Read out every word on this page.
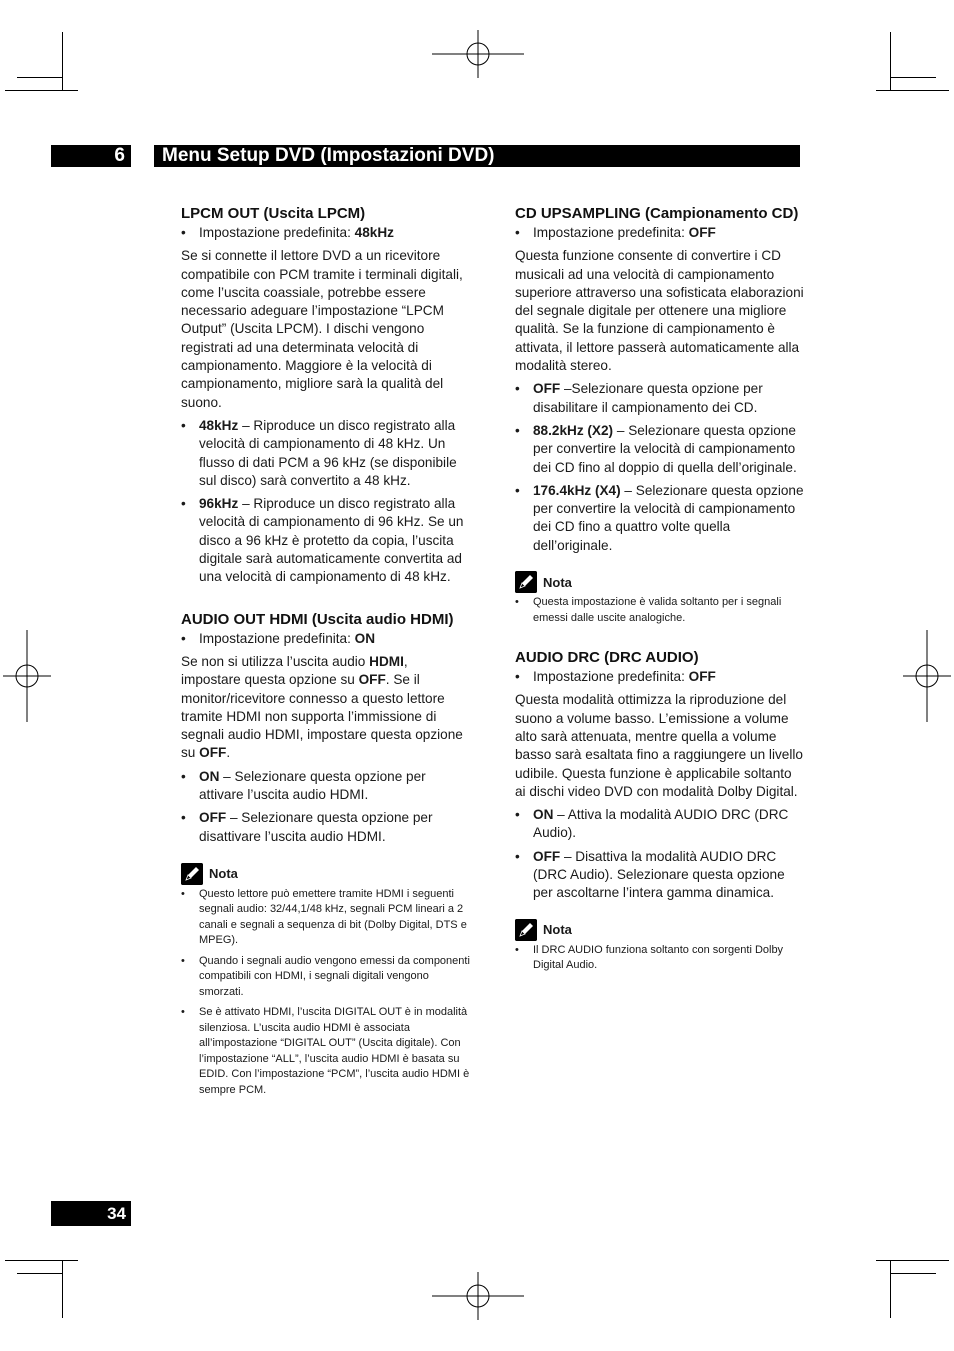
6	Menu Setup DVD (Impostazioni DVD)
LPCM OUT (Uscita LPCM)
• Impostazione predefinita: 48kHz

Se si connette il lettore DVD a un ricevitore compatibile con PCM tramite i terminali digitali, come l’uscita coassiale, potrebbe essere necessario adeguare l’impostazione “LPCM Output” (Uscita LPCM). I dischi vengono registrati ad una determinata velocità di campionamento. Maggiore è la velocità di campionamento, migliore sarà la qualità del suono.

• 48kHz – Riproduce un disco registrato alla velocità di campionamento di 48 kHz. Un flusso di dati PCM a 96 kHz (se disponibile sul disco) sarà convertito a 48 kHz.
• 96kHz – Riproduce un disco registrato alla velocità di campionamento di 96 kHz. Se un disco a 96 kHz è protetto da copia, l’uscita digitale sarà automaticamente convertita ad una velocità di campionamento di 48 kHz.
AUDIO OUT HDMI (Uscita audio HDMI)
• Impostazione predefinita: ON

Se non si utilizza l’uscita audio HDMI, impostare questa opzione su OFF. Se il monitor/ricevitore connesso a questo lettore tramite HDMI non supporta l’immissione di segnali audio HDMI, impostare questa opzione su OFF.

• ON – Selezionare questa opzione per attivare l’uscita audio HDMI.
• OFF – Selezionare questa opzione per disattivare l’uscita audio HDMI.
Nota
• Questo lettore può emettere tramite HDMI i seguenti segnali audio: 32/44,1/48 kHz, segnali PCM lineari a 2 canali e segnali a sequenza di bit (Dolby Digital, DTS e MPEG).
• Quando i segnali audio vengono emessi da componenti compatibili con HDMI, i segnali digitali vengono smorzati.
• Se è attivato HDMI, l’uscita DIGITAL OUT è in modalità silenziosa. L’uscita audio HDMI è associata all’impostazione “DIGITAL OUT” (Uscita digitale). Con l’impostazione “ALL”, l’uscita audio HDMI è basata su EDID. Con l’impostazione “PCM”, l’uscita audio HDMI è sempre PCM.
CD UPSAMPLING (Campionamento CD)
• Impostazione predefinita: OFF

Questa funzione consente di convertire i CD musicali ad una velocità di campionamento superiore attraverso una sofisticata elaborazioni del segnale digitale per ottenere una migliore qualità. Se la funzione di campionamento è attivata, il lettore passerà automaticamente alla modalità stereo.

• OFF –Selezionare questa opzione per disabilitare il campionamento dei CD.
• 88.2kHz (X2) – Selezionare questa opzione per convertire la velocità di campionamento dei CD fino al doppio di quella dell’originale.
• 176.4kHz (X4) – Selezionare questa opzione per convertire la velocità di campionamento dei CD fino a quattro volte quella dell’originale.
Nota
• Questa impostazione è valida soltanto per i segnali emessi dalle uscite analogiche.
AUDIO DRC (DRC AUDIO)
• Impostazione predefinita: OFF

Questa modalità ottimizza la riproduzione del suono a volume basso. L’emissione a volume alto sarà attenuata, mentre quella a volume basso sarà esaltata fino a raggiungere un livello udibile. Questa funzione è applicabile soltanto ai dischi video DVD con modalità Dolby Digital.

• ON – Attiva la modalità AUDIO DRC (DRC Audio).
• OFF – Disattiva la modalità AUDIO DRC (DRC Audio). Selezionare questa opzione per ascoltarne l’intera gamma dinamica.
Nota
• Il DRC AUDIO funziona soltanto con sorgenti Dolby Digital Audio.
34
